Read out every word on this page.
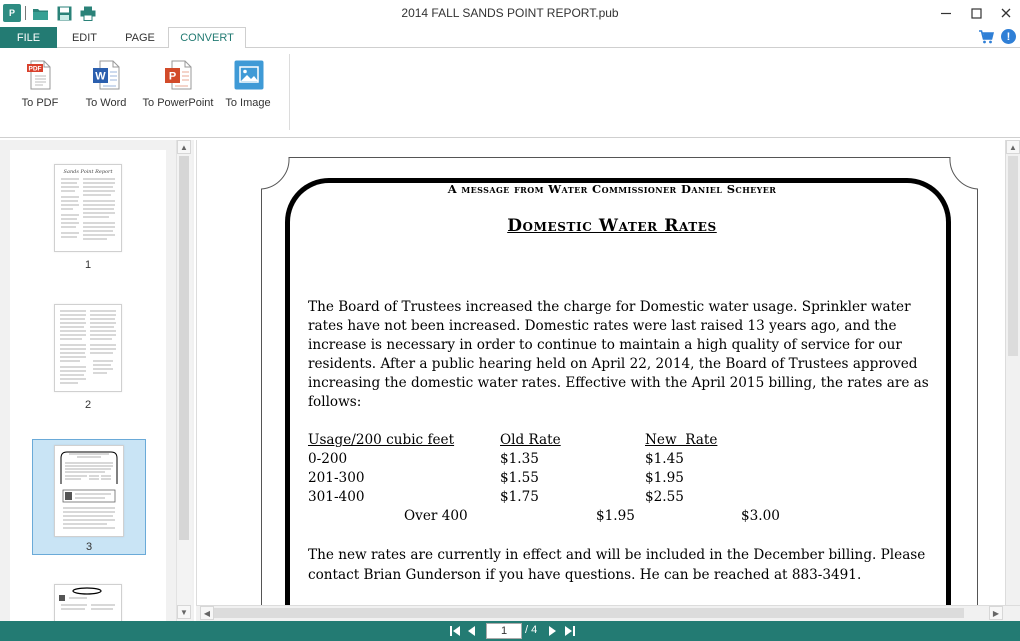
P	2014 FALL SANDS POINT REPORT.pub
FILE	EDIT	PAGE	CONVERT	!
PDF
To PDF
W
To Word
P
To PowerPoint To Image
Sands Point Report
1
2
3
▲
▼
A message from Water Commissioner Daniel Scheyer
Domestic Water Rates
The Board of Trustees increased the charge for Domestic water usage. Sprinkler water rates have not been increased. Domestic rates were last raised 13 years ago, and the increase is necessary in order to continue to maintain a high quality of service for our residents. After a public hearing held on April 22, 2014, the Board of Trustees approved increasing the domestic water rates. Effective with the April 2015 billing, the rates are as follows:
Usage/200 cubic feet	Old Rate	New  Rate
0-200	$1.35	$1.45
201-300	$1.55	$1.95
301-400	$1.75	$2.55
Over 400	$1.95	$3.00
The new rates are currently in effect and will be included in the December billing. Please contact Brian Gunderson if you have questions. He can be reached at 883-3491.
▲
◀	▶
1
/ 4
